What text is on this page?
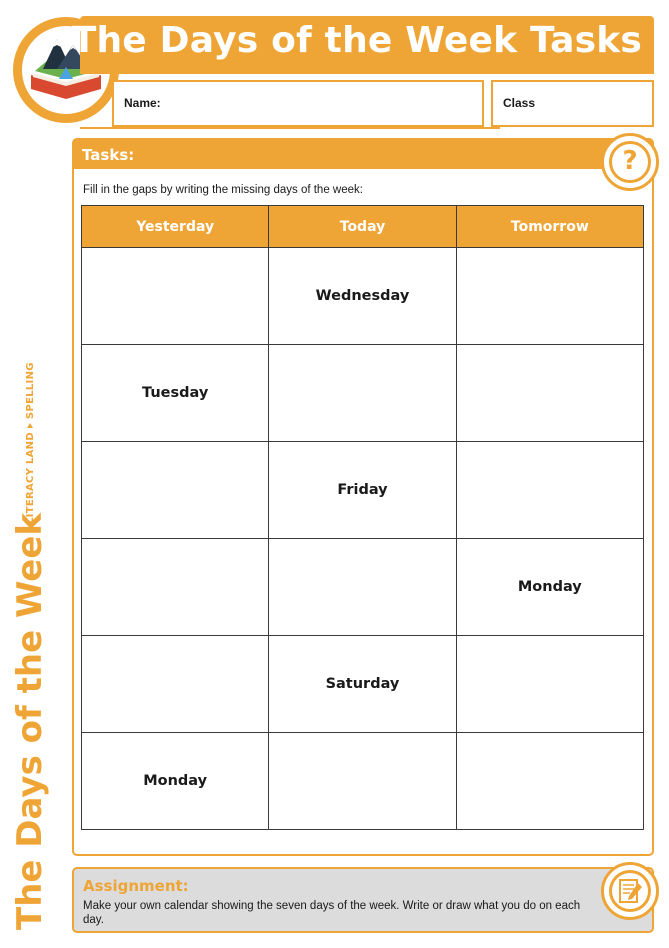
LITERACY
The Days of the Week Tasks
Name:	Class
The Days of the Week
LITERACY LANDSPELLING
Tasks:
Fill in the gaps by writing the missing days of the week:
?
Yesterday	Today	Tomorrow
	Wednesday	
Tuesday		
	Friday	
		Monday
	Saturday	
Monday		
Assignment:
Make your own calendar showing the seven days of the week. Write or draw what you do on each day.
